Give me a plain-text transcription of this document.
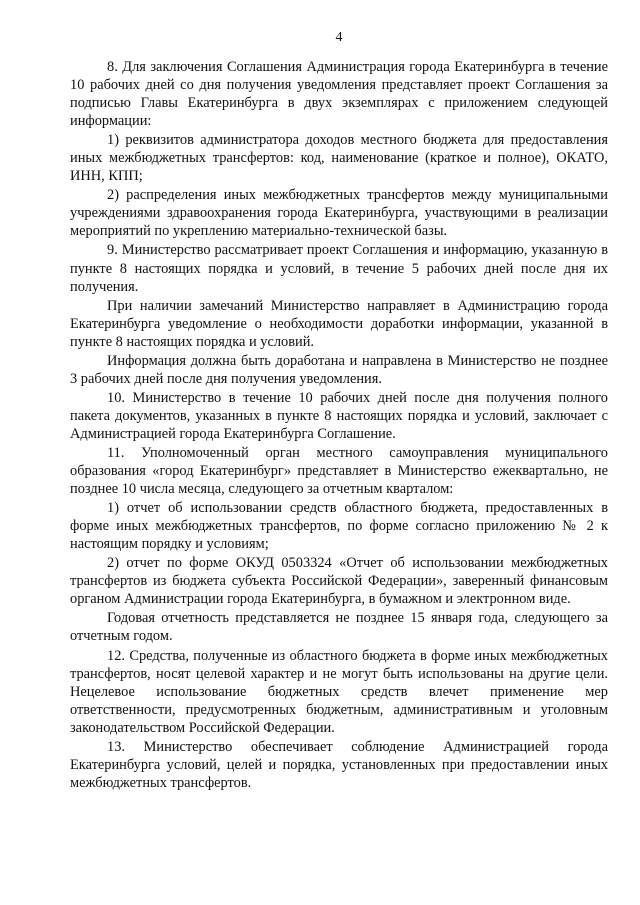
4

8. Для заключения Соглашения Администрация города Екатеринбурга в течение 10 рабочих дней со дня получения уведомления представляет проект Соглашения за подписью Главы Екатеринбурга в двух экземплярах с приложением следующей информации:

1) реквизитов администратора доходов местного бюджета для предоставления иных межбюджетных трансфертов: код, наименование (краткое и полное), ОКАТО, ИНН, КПП;

2) распределения иных межбюджетных трансфертов между муниципальными учреждениями здравоохранения города Екатеринбурга, участвующими в реализации мероприятий по укреплению материально-технической базы.

9. Министерство рассматривает проект Соглашения и информацию, указанную в пункте 8 настоящих порядка и условий, в течение 5 рабочих дней после дня их получения.

При наличии замечаний Министерство направляет в Администрацию города Екатеринбурга уведомление о необходимости доработки информации, указанной в пункте 8 настоящих порядка и условий.

Информация должна быть доработана и направлена в Министерство не позднее 3 рабочих дней после дня получения уведомления.

10. Министерство в течение 10 рабочих дней после дня получения полного пакета документов, указанных в пункте 8 настоящих порядка и условий, заключает с Администрацией города Екатеринбурга Соглашение.

11. Уполномоченный орган местного самоуправления муниципального образования «город Екатеринбург» представляет в Министерство ежеквартально, не позднее 10 числа месяца, следующего за отчетным кварталом:

1) отчет об использовании средств областного бюджета, предоставленных в форме иных межбюджетных трансфертов, по форме согласно приложению № 2 к настоящим порядку и условиям;

2) отчет по форме ОКУД 0503324 «Отчет об использовании межбюджетных трансфертов из бюджета субъекта Российской Федерации», заверенный финансовым органом Администрации города Екатеринбурга, в бумажном и электронном виде.

Годовая отчетность представляется не позднее 15 января года, следующего за отчетным годом.

12. Средства, полученные из областного бюджета в форме иных межбюджетных трансфертов, носят целевой характер и не могут быть использованы на другие цели. Нецелевое использование бюджетных средств влечет применение мер ответственности, предусмотренных бюджетным, административным и уголовным законодательством Российской Федерации.

13. Министерство обеспечивает соблюдение Администрацией города Екатеринбурга условий, целей и порядка, установленных при предоставлении иных межбюджетных трансфертов.
